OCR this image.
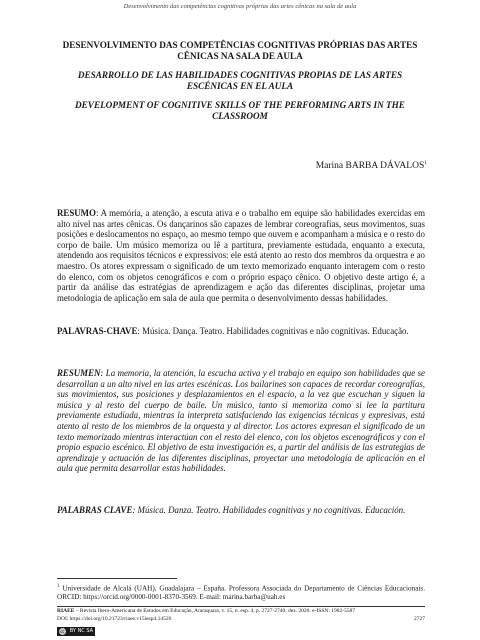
Desenvolvimento das competências cognitivas próprias das artes cênicas na sala de aula
DESENVOLVIMENTO DAS COMPETÊNCIAS COGNITIVAS PRÓPRIAS DAS ARTES CÊNICAS NA SALA DE AULA
DESARROLLO DE LAS HABILIDADES COGNITIVAS PROPIAS DE LAS ARTES ESCÉNICAS EN EL AULA
DEVELOPMENT OF COGNITIVE SKILLS OF THE PERFORMING ARTS IN THE CLASSROOM
Marina BARBA DÁVALOS$^1$
RESUMO: A memória, a atenção, a escuta ativa e o trabalho em equipe são habilidades exercidas em alto nível nas artes cênicas. Os dançarinos são capazes de lembrar coreografias, seus movimentos, suas posições e deslocamentos no espaço, ao mesmo tempo que ouvem e acompanham a música e o resto do corpo de baile. Um músico memoriza ou lê a partitura, previamente estudada, enquanto a executa, atendendo aos requisitos técnicos e expressivos: ele está atento ao resto dos membros da orquestra e ao maestro. Os atores expressam o significado de um texto memorizado enquanto interagem com o resto do elenco, com os objetos cenográficos e com o próprio espaço cênico. O objetivo deste artigo é, a partir da análise das estratégias de aprendizagem e ação das diferentes disciplinas, projetar uma metodologia de aplicação em sala de aula que permita o desenvolvimento dessas habilidades.
PALAVRAS-CHAVE: Música. Dança. Teatro. Habilidades cognitivas e não cognitivas. Educação.
RESUMEN: La memoria, la atención, la escucha activa y el trabajo en equipo son habilidades que se desarrollan a un alto nivel en las artes escénicas. Los bailarines son capaces de recordar coreografías, sus movimientos, sus posiciones y desplazamientos en el espacio, a la vez que escuchan y siguen la música y al resto del cuerpo de baile. Un músico, tanto si memoriza como si lee la partitura previamente estudiada, mientras la interpreta satisfaciendo las exigencias técnicas y expresivas, está atento al resto de los miembros de la orquesta y al director. Los actores expresan el significado de un texto memorizado mientras interactúan con el resto del elenco, con los objetos escenográficos y con el propio espacio escénico. El objetivo de esta investigación es, a partir del análisis de las estrategias de aprendizaje y actuación de las diferentes disciplinas, proyectar una metodología de aplicación en el aula que permita desarrollar estas habilidades.
PALABRAS CLAVE: Música. Danza. Teatro. Habilidades cognitivas y no cognitivas. Educación.
$^1$ Universidade de Alcalá (UAH), Guadalajara – España. Professora Associada do Departamento de Ciências Educacionais. ORCID: https://orcid.org/0000-0001-8370-3569. E-mail: marina.barba@uah.es
RIAEE – Revista Ibero-Americana de Estudos em Educação, Araraquara, v. 15, n. esp. 4, p. 2727-2740, dez. 2020. e-ISSN: 1982-5587
DOI: https://doi.org/10.21723/riaee.v15iesp4.14520	2727
cc BY NC SA
